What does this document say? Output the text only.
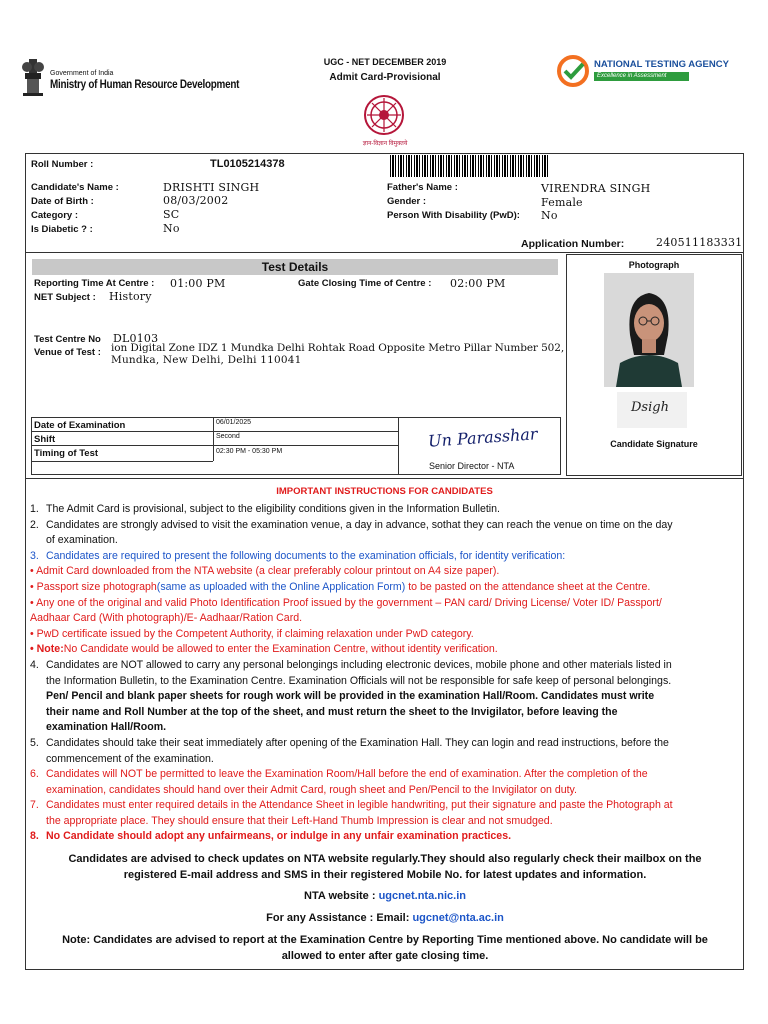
Government of India
Ministry of Human Resource Development
UGC - NET DECEMBER 2019
Admit Card-Provisional
ज्ञान-विज्ञान विमुक्तये
NATIONAL TESTING AGENCY
Excellence in Assessment
Roll Number :	TL0105214378
Candidate's Name :	DRISHTI SINGH
Date of Birth :	08/03/2002
Category :	SC
Is Diabetic ? :	No
Father's Name :	VIRENDRA SINGH
Gender :	Female
Person With Disability (PwD): No
Application Number:	240511183331
Test Details
Reporting Time At Centre : 01:00 PM	Gate Closing Time of Centre : 02:00 PM
NET Subject : History
Test Centre No DL0103
Venue of Test : ion Digital Zone IDZ 1 Mundka Delhi Rohtak Road Opposite Metro Pillar Number 502,
Mundka, New Delhi, Delhi 110041
Date of Examination	06/01/2025
Shift	Second
Timing of Test	02:30 PM - 05:30 PM
Un Parasshar
Senior Director - NTA
Photograph
Dsigh
Candidate Signature
IMPORTANT INSTRUCTIONS FOR CANDIDATES

1. The Admit Card is provisional, subject to the eligibility conditions given in the Information Bulletin.

2. Candidates are strongly advised to visit the examination venue, a day in advance, sothat they can reach the venue on time on the day

of examination.

3. Candidates are required to present the following documents to the examination officials, for identity verification:

• Admit Card downloaded from the NTA website (a clear preferably colour printout on A4 size paper).

• Passport size photograph(same as uploaded with the Online Application Form) to be pasted on the attendance sheet at the Centre.

• Any one of the original and valid Photo Identification Proof issued by the government – PAN card/ Driving License/ Voter ID/ Passport/

Aadhaar Card (With photograph)/E- Aadhaar/Ration Card.

• PwD certificate issued by the Competent Authority, if claiming relaxation under PwD category.

• Note:No Candidate would be allowed to enter the Examination Centre, without identity verification.

4. Candidates are NOT allowed to carry any personal belongings including electronic devices, mobile phone and other materials listed in

the Information Bulletin, to the Examination Centre. Examination Officials will not be responsible for safe keep of personal belongings.

Pen/ Pencil and blank paper sheets for rough work will be provided in the examination Hall/Room. Candidates must write

their name and Roll Number at the top of the sheet, and must return the sheet to the Invigilator, before leaving the

examination Hall/Room.

5. Candidates should take their seat immediately after opening of the Examination Hall. They can login and read instructions, before the

commencement of the examination.

6. Candidates will NOT be permitted to leave the Examination Room/Hall before the end of examination. After the completion of the

examination, candidates should hand over their Admit Card, rough sheet and Pen/Pencil to the Invigilator on duty.

7. Candidates must enter required details in the Attendance Sheet in legible handwriting, put their signature and paste the Photograph at

the appropriate place. They should ensure that their Left-Hand Thumb Impression is clear and not smudged.

8. No Candidate should adopt any unfairmeans, or indulge in any unfair examination practices.

Candidates are advised to check updates on NTA website regularly.They should also regularly check their mailbox on the
registered E-mail address and SMS in their registered Mobile No. for latest updates and information.
NTA website : ugcnet.nta.nic.in
For any Assistance : Email: ugcnet@nta.ac.in
Note: Candidates are advised to report at the Examination Centre by Reporting Time mentioned above. No candidate will be
allowed to enter after gate closing time.
